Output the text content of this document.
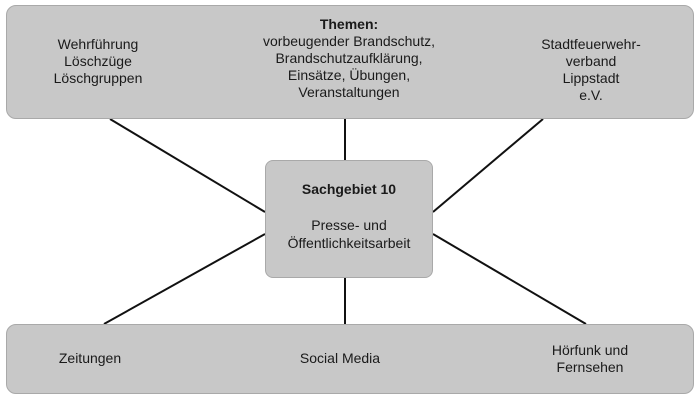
Sachgebiet 10
Presse- und
Öffentlichkeitsarbeit
Wehrführung
Löschzüge
Löschgruppen
Themen:
vorbeugender Brandschutz,
Brandschutzaufklärung,
Einsätze, Übungen,
Veranstaltungen
Stadtfeuerwehr-
verband Lippstadt
e.V.
Zeitungen	Social Media	Hörfunk und
Fernsehen
